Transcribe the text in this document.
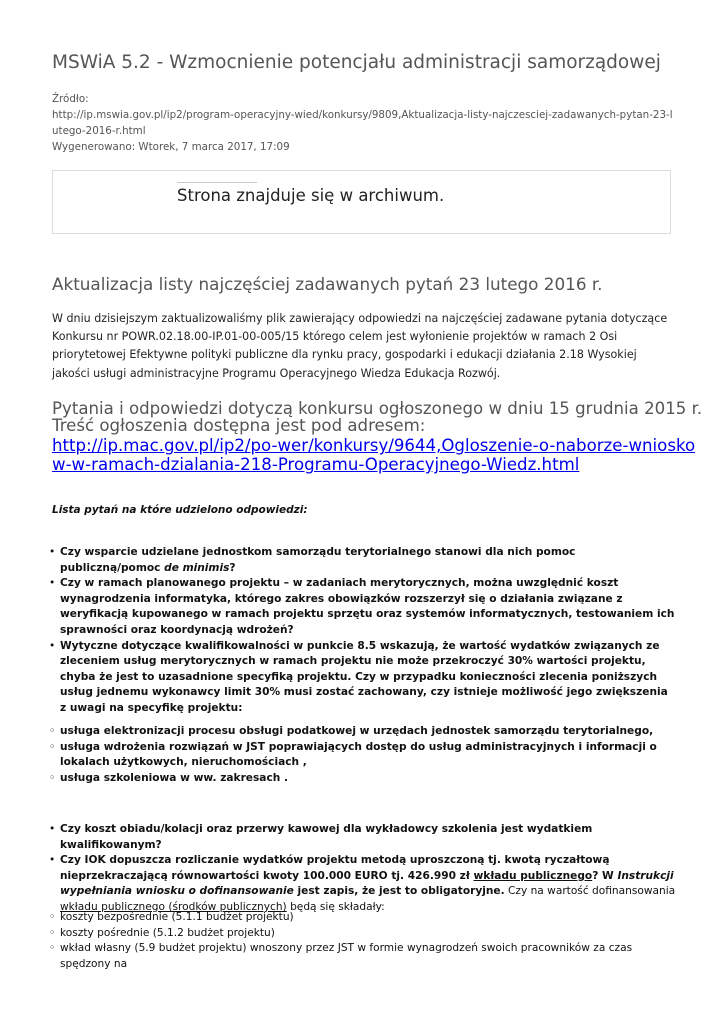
MSWiA 5.2 - Wzmocnienie potencjału administracji samorządowej
Źródło:
http://ip.mswia.gov.pl/ip2/program-operacyjny-wied/konkursy/9809,Aktualizacja-listy-najczesciej-zadawanych-pytan-23-lutego-2016-r.html
Wygenerowano: Wtorek, 7 marca 2017, 17:09
Strona znajduje się w archiwum.
Aktualizacja listy najczęściej zadawanych pytań 23 lutego 2016 r.

W dniu dzisiejszym zaktualizowaliśmy plik zawierający odpowiedzi na najczęściej zadawane pytania dotyczące Konkursu nr POWR.02.18.00-IP.01-00-005/15 którego celem jest wyłonienie projektów w ramach 2 Osi priorytetowej Efektywne polityki publiczne dla rynku pracy, gospodarki i edukacji działania 2.18 Wysokiej jakości usługi administracyjne Programu Operacyjnego Wiedza Edukacja Rozwój.

Pytania i odpowiedzi dotyczą konkursu ogłoszonego w dniu 15 grudnia 2015 r.
Treść ogłoszenia dostępna jest pod adresem:
http://ip.mac.gov.pl/ip2/po-wer/konkursy/9644,Ogloszenie-o-naborze-wniosko
w-w-ramach-dzialania-218-Programu-Operacyjnego-Wiedz.html

Lista pytań na które udzielono odpowiedzi:

•
Czy wsparcie udzielane jednostkom samorządu terytorialnego stanowi dla nich pomoc publiczną/pomoc de minimis?
•
Czy w ramach planowanego projektu – w zadaniach merytorycznych, można uwzględnić koszt wynagrodzenia informatyka, którego zakres obowiązków rozszerzył się o działania związane z weryfikacją kupowanego w ramach projektu sprzętu oraz systemów informatycznych, testowaniem ich sprawności oraz koordynacją wdrożeń?
•
Wytyczne dotyczące kwalifikowalności w punkcie 8.5 wskazują, że wartość wydatków związanych ze zleceniem usług merytorycznych w ramach projektu nie może przekroczyć 30% wartości projektu, chyba że jest to uzasadnione specyfiką projektu. Czy w przypadku konieczności zlecenia poniższych usług jednemu wykonawcy limit 30% musi zostać zachowany, czy istnieje możliwość jego zwiększenia z uwagi na specyfikę projektu:
◦
usługa elektronizacji procesu obsługi podatkowej w urzędach jednostek samorządu terytorialnego,
◦
usługa wdrożenia rozwiązań w JST poprawiających dostęp do usług administracyjnych i informacji o lokalach użytkowych, nieruchomościach ,
◦
usługa szkoleniowa w ww. zakresach .
•
Czy koszt obiadu/kolacji oraz przerwy kawowej dla wykładowcy szkolenia jest wydatkiem kwalifikowanym?
•
Czy IOK dopuszcza rozliczanie wydatków projektu metodą uproszczoną tj. kwotą ryczałtową nieprzekraczającą równowartości kwoty 100.000 EURO tj. 426.990 zł wkładu publicznego? W Instrukcji wypełniania wniosku o dofinansowanie jest zapis, że jest to obligatoryjne. Czy na wartość dofinansowania wkładu publicznego (środków publicznych) będą się składały:
◦
koszty bezpośrednie (5.1.1 budżet projektu)
◦
koszty pośrednie (5.1.2 budżet projektu)
◦
wkład własny (5.9 budżet projektu) wnoszony przez JST w formie wynagrodzeń swoich pracowników za czas spędzony na
